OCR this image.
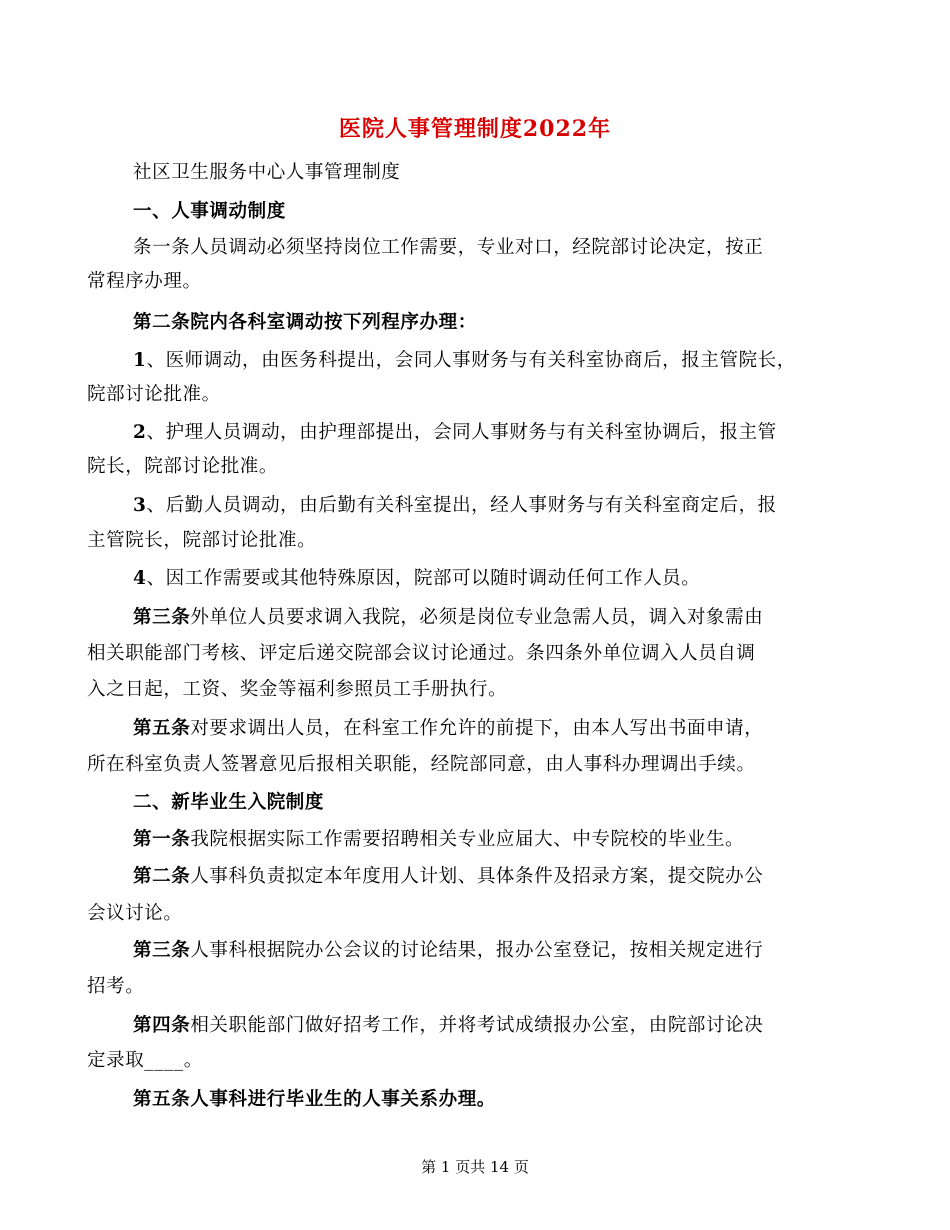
医院人事管理制度2022年
社区卫生服务中心人事管理制度
一、人事调动制度
条一条人员调动必须坚持岗位工作需要，专业对口，经院部讨论决定，按正
常程序办理。
第二条院内各科室调动按下列程序办理：
1、医师调动，由医务科提出，会同人事财务与有关科室协商后，报主管院长，
院部讨论批准。
2、护理人员调动，由护理部提出，会同人事财务与有关科室协调后，报主管
院长，院部讨论批准。
3、后勤人员调动，由后勤有关科室提出，经人事财务与有关科室商定后，报
主管院长，院部讨论批准。
4、因工作需要或其他特殊原因，院部可以随时调动任何工作人员。
第三条外单位人员要求调入我院，必须是岗位专业急需人员，调入对象需由
相关职能部门考核、评定后递交院部会议讨论通过。条四条外单位调入人员自调
入之日起，工资、奖金等福利参照员工手册执行。
第五条对要求调出人员，在科室工作允许的前提下，由本人写出书面申请，
所在科室负责人签署意见后报相关职能，经院部同意，由人事科办理调出手续。
二、新毕业生入院制度
第一条我院根据实际工作需要招聘相关专业应届大、中专院校的毕业生。
第二条人事科负责拟定本年度用人计划、具体条件及招录方案，提交院办公
会议讨论。
第三条人事科根据院办公会议的讨论结果，报办公室登记，按相关规定进行
招考。
第四条相关职能部门做好招考工作，并将考试成绩报办公室，由院部讨论决
定录取____。
第五条人事科进行毕业生的人事关系办理。
第 1 页共 14 页
